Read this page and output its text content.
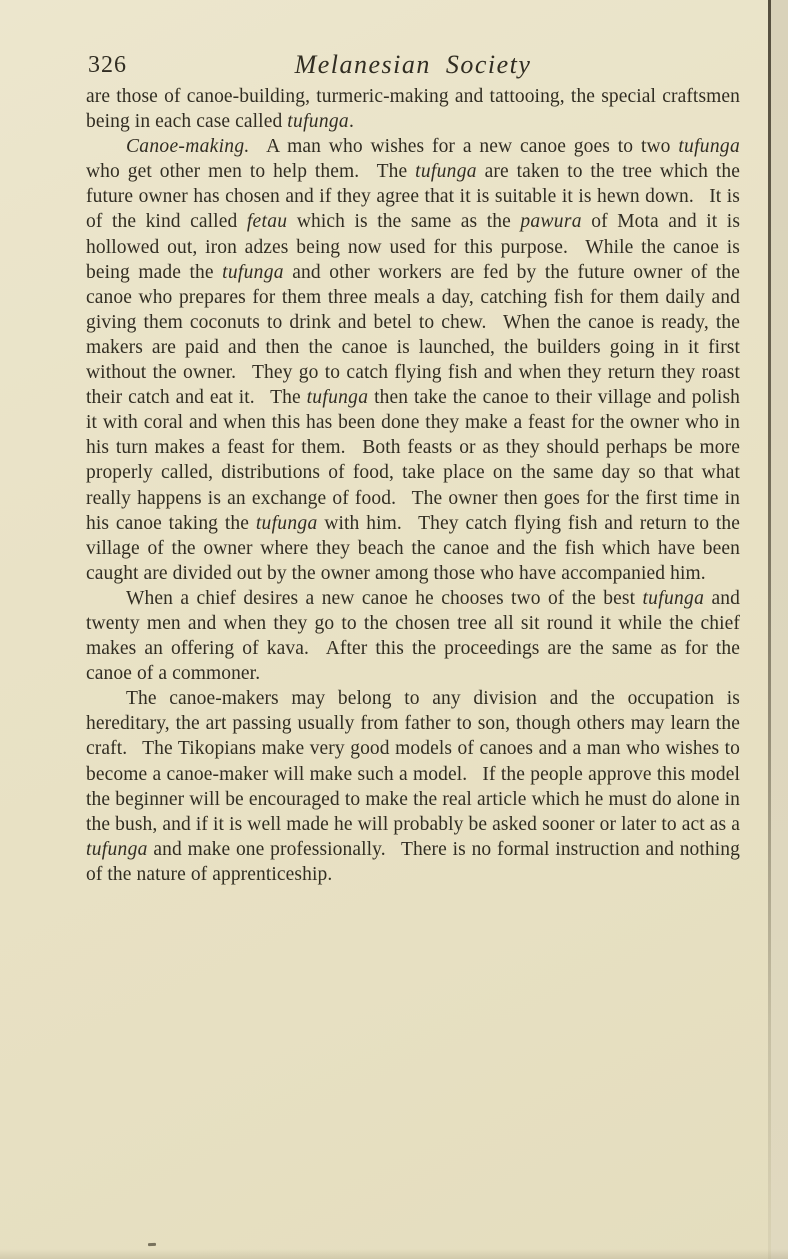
326	Melanesian Society

are those of canoe-building, turmeric-making and tattooing, the special craftsmen being in each case called tufunga.

Canoe-making.  A man who wishes for a new canoe goes to two tufunga who get other men to help them.  The tufunga are taken to the tree which the future owner has chosen and if they agree that it is suitable it is hewn down.  It is of the kind called fetau which is the same as the pawura of Mota and it is hollowed out, iron adzes being now used for this purpose.  While the canoe is being made the tufunga and other workers are fed by the future owner of the canoe who prepares for them three meals a day, catching fish for them daily and giving them coconuts to drink and betel to chew.  When the canoe is ready, the makers are paid and then the canoe is launched, the builders going in it first without the owner.  They go to catch flying fish and when they return they roast their catch and eat it.  The tufunga then take the canoe to their village and polish it with coral and when this has been done they make a feast for the owner who in his turn makes a feast for them.  Both feasts or as they should perhaps be more properly called, distributions of food, take place on the same day so that what really happens is an exchange of food.  The owner then goes for the first time in his canoe taking the tufunga with him.  They catch flying fish and return to the village of the owner where they beach the canoe and the fish which have been caught are divided out by the owner among those who have accompanied him.

When a chief desires a new canoe he chooses two of the best tufunga and twenty men and when they go to the chosen tree all sit round it while the chief makes an offering of kava.  After this the proceedings are the same as for the canoe of a commoner.

The canoe-makers may belong to any division and the occupation is hereditary, the art passing usually from father to son, though others may learn the craft.  The Tikopians make very good models of canoes and a man who wishes to become a canoe-maker will make such a model.  If the people approve this model the beginner will be encouraged to make the real article which he must do alone in the bush, and if it is well made he will probably be asked sooner or later to act as a tufunga and make one professionally.  There is no formal instruction and nothing of the nature of apprenticeship.
